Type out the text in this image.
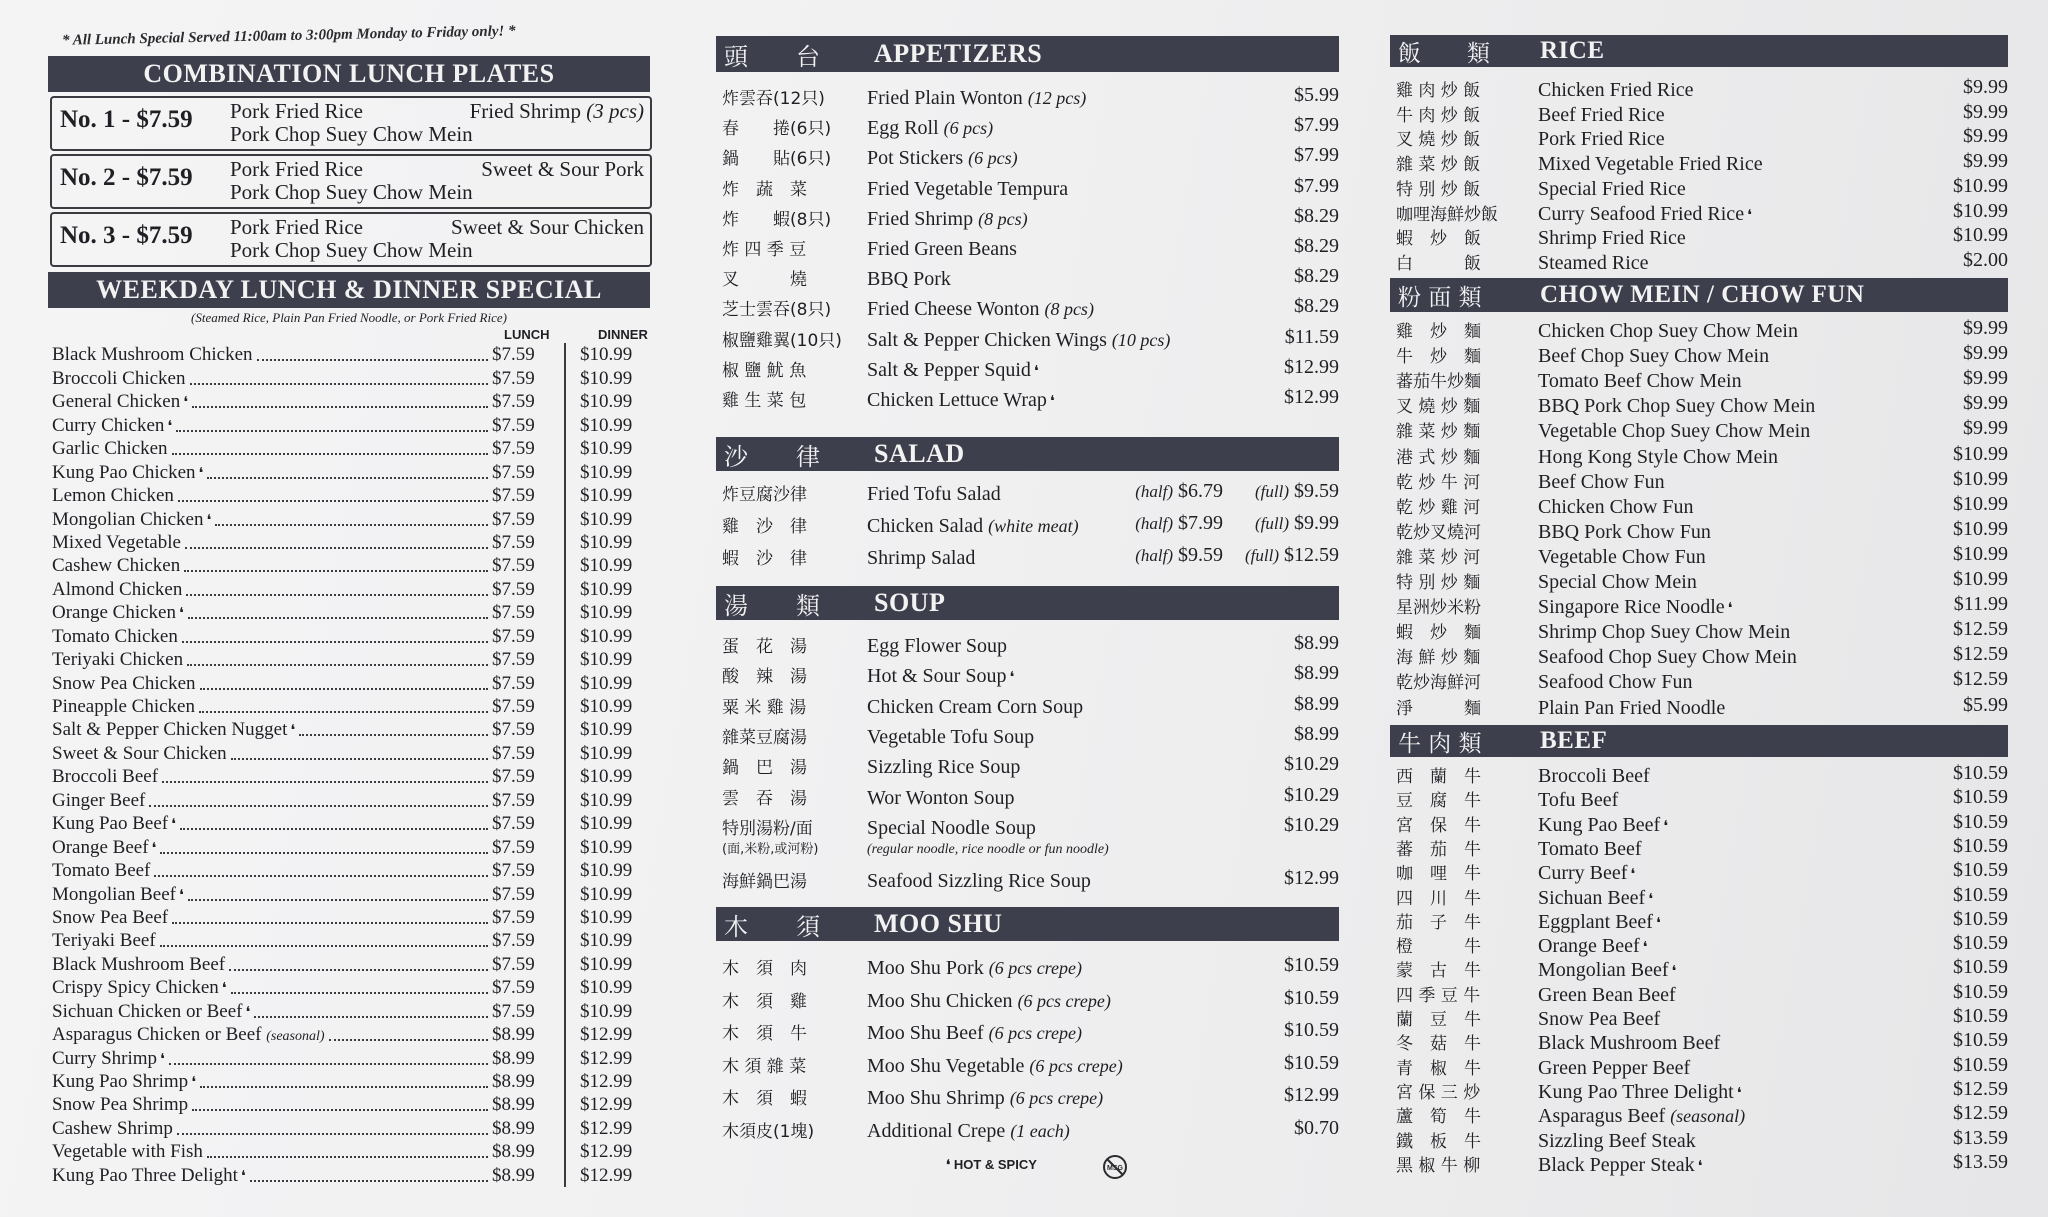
* All Lunch Special Served 11:00am to 3:00pm Monday to Friday only! *
COMBINATION LUNCH PLATES
No. 1 - $7.59 Pork Fried Rice	Fried Shrimp (3 pcs)
Pork Chop Suey Chow Mein
No. 2 - $7.59 Pork Fried Rice	Sweet & Sour Pork
Pork Chop Suey Chow Mein
No. 3 - $7.59 Pork Fried Rice	Sweet & Sour Chicken
Pork Chop Suey Chow Mein
WEEKDAY LUNCH & DINNER SPECIAL
(Steamed Rice, Plain Pan Fried Noodle, or Pork Fried Rice)
LUNCH	DINNER
Black Mushroom Chicken	$7.59	$10.99
Broccoli Chicken	$7.59	$10.99
General Chicken ❛	$7.59	$10.99
Curry Chicken ❛	$7.59	$10.99
Garlic Chicken	$7.59	$10.99
Kung Pao Chicken ❛	$7.59	$10.99
Lemon Chicken	$7.59	$10.99
Mongolian Chicken ❛	$7.59	$10.99
Mixed Vegetable	$7.59	$10.99
Cashew Chicken	$7.59	$10.99
Almond Chicken	$7.59	$10.99
Orange Chicken ❛	$7.59	$10.99
Tomato Chicken	$7.59	$10.99
Teriyaki Chicken	$7.59	$10.99
Snow Pea Chicken	$7.59	$10.99
Pineapple Chicken	$7.59	$10.99
Salt & Pepper Chicken Nugget ❛	$7.59	$10.99
Sweet & Sour Chicken	$7.59	$10.99
Broccoli Beef	$7.59	$10.99
Ginger Beef	$7.59	$10.99
Kung Pao Beef ❛	$7.59	$10.99
Orange Beef ❛	$7.59	$10.99
Tomato Beef	$7.59	$10.99
Mongolian Beef ❛	$7.59	$10.99
Snow Pea Beef	$7.59	$10.99
Teriyaki Beef	$7.59	$10.99
Black Mushroom Beef	$7.59	$10.99
Crispy Spicy Chicken ❛	$7.59	$10.99
Sichuan Chicken or Beef ❛	$7.59	$10.99
Asparagus Chicken or Beef (seasonal)	$8.99	$12.99
Curry Shrimp ❛	$8.99	$12.99
Kung Pao Shrimp ❛	$8.99	$12.99
Snow Pea Shrimp	$8.99	$12.99
Cashew Shrimp	$8.99	$12.99
Vegetable with Fish	$8.99	$12.99
Kung Pao Three Delight ❛	$8.99	$12.99
頭　　台	APPETIZERS
炸雲吞(12只)	Fried Plain Wonton (12 pcs)	$5.99
春　　捲(6只)	Egg Roll (6 pcs)	$7.99
鍋　　貼(6只)	Pot Stickers (6 pcs)	$7.99
炸　蔬　菜	Fried Vegetable Tempura	$7.99
炸　　蝦(8只)	Fried Shrimp (8 pcs)	$8.29
炸 四 季 豆	Fried Green Beans	$8.29
叉　　　燒	BBQ Pork	$8.29
芝士雲吞(8只)	Fried Cheese Wonton (8 pcs)	$8.29
椒鹽雞翼(10只)	Salt & Pepper Chicken Wings (10 pcs)	$11.59
椒 鹽 魷 魚	Salt & Pepper Squid ❛	$12.99
雞 生 菜 包	Chicken Lettuce Wrap ❛	$12.99
沙　　律	SALAD
炸豆腐沙律	Fried Tofu Salad	(half) $6.79 (full) $9.59
雞　沙　律	Chicken Salad (white meat)	(half) $7.99 (full) $9.99
蝦　沙　律	Shrimp Salad	(half) $9.59 (full) $12.59
湯　　類	SOUP
蛋　花　湯	Egg Flower Soup	$8.99
酸　辣　湯	Hot & Sour Soup ❛	$8.99
粟 米 雞 湯	Chicken Cream Corn Soup	$8.99
雜菜豆腐湯	Vegetable Tofu Soup	$8.99
鍋　巴　湯	Sizzling Rice Soup	$10.29
雲　吞　湯	Wor Wonton Soup	$10.29
特別湯粉/面	Special Noodle Soup	$10.29
(面,米粉,或河粉)	(regular noodle, rice noodle or fun noodle)
海鮮鍋巴湯	Seafood Sizzling Rice Soup	$12.99
木　　須	MOO SHU
木　須　肉	Moo Shu Pork (6 pcs crepe)	$10.59
木　須　雞	Moo Shu Chicken (6 pcs crepe)	$10.59
木　須　牛	Moo Shu Beef (6 pcs crepe)	$10.59
木 須 雜 菜	Moo Shu Vegetable (6 pcs crepe)	$10.59
木　須　蝦	Moo Shu Shrimp (6 pcs crepe)	$12.99
木須皮(1塊)	Additional Crepe (1 each)	$0.70
❛ HOT & SPICY	MSG
飯　　類	RICE
雞 肉 炒 飯	Chicken Fried Rice	$9.99
牛 肉 炒 飯	Beef Fried Rice	$9.99
叉 燒 炒 飯	Pork Fried Rice	$9.99
雜 菜 炒 飯	Mixed Vegetable Fried Rice	$9.99
特 別 炒 飯	Special Fried Rice	$10.99
咖哩海鮮炒飯	Curry Seafood Fried Rice ❛	$10.99
蝦　炒　飯	Shrimp Fried Rice	$10.99
白　　　飯	Steamed Rice	$2.00
粉 面 類	CHOW MEIN / CHOW FUN
雞　炒　麵	Chicken Chop Suey Chow Mein	$9.99
牛　炒　麵	Beef Chop Suey Chow Mein	$9.99
蕃茄牛炒麵	Tomato Beef Chow Mein	$9.99
叉 燒 炒 麵	BBQ Pork Chop Suey Chow Mein	$9.99
雜 菜 炒 麵	Vegetable Chop Suey Chow Mein	$9.99
港 式 炒 麵	Hong Kong Style Chow Mein	$10.99
乾 炒 牛 河	Beef Chow Fun	$10.99
乾 炒 雞 河	Chicken Chow Fun	$10.99
乾炒叉燒河	BBQ Pork Chow Fun	$10.99
雜 菜 炒 河	Vegetable Chow Fun	$10.99
特 別 炒 麵	Special Chow Mein	$10.99
星洲炒米粉	Singapore Rice Noodle ❛	$11.99
蝦　炒　麵	Shrimp Chop Suey Chow Mein	$12.59
海 鮮 炒 麵	Seafood Chop Suey Chow Mein	$12.59
乾炒海鮮河	Seafood Chow Fun	$12.59
淨　　　麵	Plain Pan Fried Noodle	$5.99
牛 肉 類	BEEF
西　蘭　牛	Broccoli Beef	$10.59
豆　腐　牛	Tofu Beef	$10.59
宮　保　牛	Kung Pao Beef ❛	$10.59
蕃　茄　牛	Tomato Beef	$10.59
咖　哩　牛	Curry Beef ❛	$10.59
四　川　牛	Sichuan Beef ❛	$10.59
茄　子　牛	Eggplant Beef ❛	$10.59
橙　　　牛	Orange Beef ❛	$10.59
蒙　古　牛	Mongolian Beef ❛	$10.59
四 季 豆 牛	Green Bean Beef	$10.59
蘭　豆　牛	Snow Pea Beef	$10.59
冬　菇　牛	Black Mushroom Beef	$10.59
青　椒　牛	Green Pepper Beef	$10.59
宮 保 三 炒	Kung Pao Three Delight ❛	$12.59
蘆　筍　牛	Asparagus Beef (seasonal)	$12.59
鐵　板　牛	Sizzling Beef Steak	$13.59
黑 椒 牛 柳	Black Pepper Steak ❛	$13.59
